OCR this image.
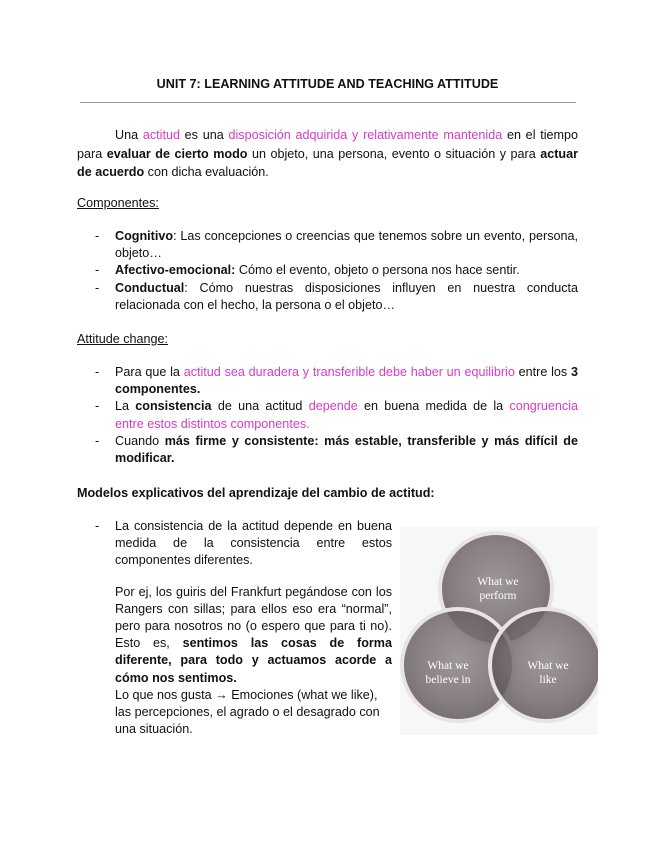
UNIT 7: LEARNING ATTITUDE AND TEACHING ATTITUDE
Una actitud es una disposición adquirida y relativamente mantenida en el tiempo para evaluar de cierto modo un objeto, una persona, evento o situación y para actuar de acuerdo con dicha evaluación.
Componentes:
- Cognitivo: Las concepciones o creencias que tenemos sobre un evento, persona, objeto…
- Afectivo-emocional: Cómo el evento, objeto o persona nos hace sentir.
- Conductual: Cómo nuestras disposiciones influyen en nuestra conducta relacionada con el hecho, la persona o el objeto…
Attitude change:
- Para que la actitud sea duradera y transferible debe haber un equilibrio entre los 3 componentes.
- La consistencia de una actitud depende en buena medida de la congruencia entre estos distintos componentes.
- Cuando más firme y consistente: más estable, transferible y más difícil de modificar.
Modelos explicativos del aprendizaje del cambio de actitud:
- La consistencia de la actitud depende en buena medida de la consistencia entre estos componentes diferentes.

Por ej, los guiris del Frankfurt pegándose con los Rangers con sillas; para ellos eso era “normal”, pero para nosotros no (o espero que para ti no). Esto es, sentimos las cosas de forma diferente, para todo y actuamos acorde a cómo nos sentimos.

Lo que nos gusta → Emociones (what we like), las percepciones, el agrado o el desagrado con una situación.

What we
perform
What we
believe in
What we
like
